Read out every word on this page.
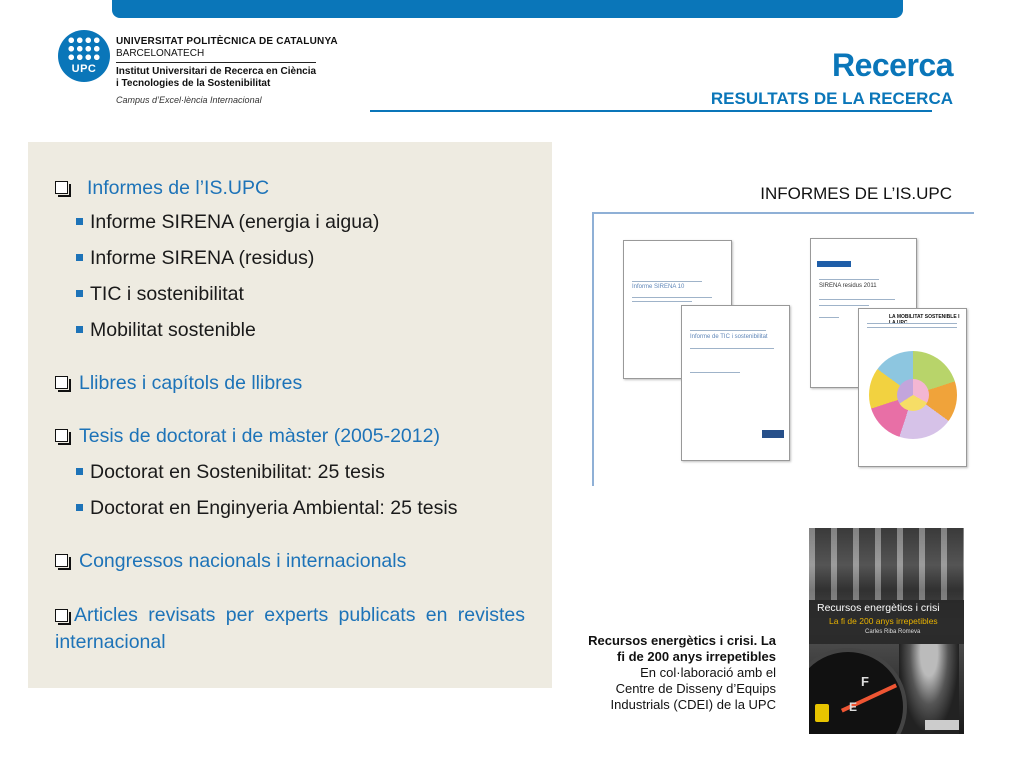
UPC
UNIVERSITAT POLITÈCNICA DE CATALUNYA
BARCELONATECH
Institut Universitari de Recerca en Ciència
i Tecnologies de la Sostenibilitat
Campus d’Excel·lència Internacional
Recerca
RESULTATS DE LA RECERCA
Informes de l’IS.UPC
Informe SIRENA (energia i aigua)
Informe SIRENA (residus)
TIC i sostenibilitat
Mobilitat sostenible
Llibres i capítols de llibres
Tesis de doctorat i de màster (2005-2012)
Doctorat en Sostenibilitat: 25 tesis
Doctorat en Enginyeria Ambiental: 25 tesis
Congressos nacionals i internacionals
Articles revisats per experts publicats en revistes internacional
INFORMES DE L’IS.UPC
Informe SIRENA 10
Informe de TIC i sostenibilitat
SIRENA residus 2011
LA MOBILITAT SOSTENIBLE I
Recursos energètics i crisi
La fi de 200 anys irrepetibles
Carles Riba Romeva
F
E
Recursos energètics i crisi. La
fi de 200 anys irrepetibles
En col·laboració amb el
Centre de Disseny d’Equips
Industrials (CDEI) de la UPC
